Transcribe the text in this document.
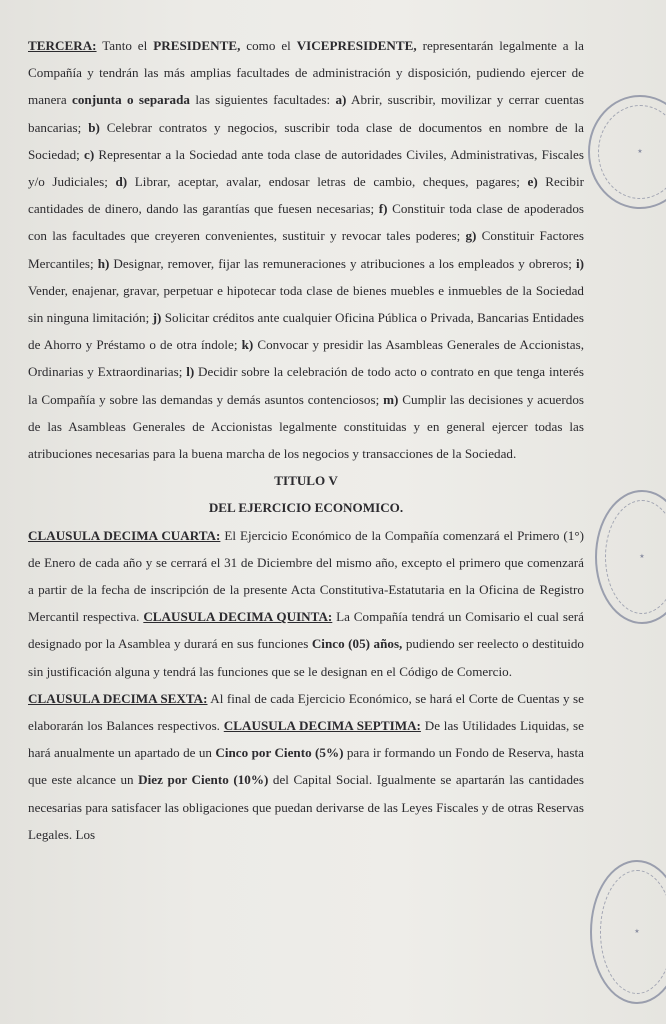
TERCERA: Tanto el PRESIDENTE, como el VICEPRESIDENTE, representarán legalmente a la Compañía y tendrán las más amplias facultades de administración y disposición, pudiendo ejercer de manera conjunta o separada las siguientes facultades: a) Abrir, suscribir, movilizar y cerrar cuentas bancarias; b) Celebrar contratos y negocios, suscribir toda clase de documentos en nombre de la Sociedad; c) Representar a la Sociedad ante toda clase de autoridades Civiles, Administrativas, Fiscales y/o Judiciales; d) Librar, aceptar, avalar, endosar letras de cambio, cheques, pagares; e) Recibir cantidades de dinero, dando las garantías que fuesen necesarias; f) Constituir toda clase de apoderados con las facultades que creyeren convenientes, sustituir y revocar tales poderes; g) Constituir Factores Mercantiles; h) Designar, remover, fijar las remuneraciones y atribuciones a los empleados y obreros; i) Vender, enajenar, gravar, perpetuar e hipotecar toda clase de bienes muebles e inmuebles de la Sociedad sin ninguna limitación; j) Solicitar créditos ante cualquier Oficina Pública o Privada, Bancarias Entidades de Ahorro y Préstamo o de otra índole; k) Convocar y presidir las Asambleas Generales de Accionistas, Ordinarias y Extraordinarias; l) Decidir sobre la celebración de todo acto o contrato en que tenga interés la Compañía y sobre las demandas y demás asuntos contenciosos; m) Cumplir las decisiones y acuerdos de las Asambleas Generales de Accionistas legalmente constituidas y en general ejercer todas las atribuciones necesarias para la buena marcha de los negocios y transacciones de la Sociedad.

TITULO V

DEL EJERCICIO ECONOMICO.

CLAUSULA DECIMA CUARTA: El Ejercicio Económico de la Compañía comenzará el Primero (1°) de Enero de cada año y se cerrará el 31 de Diciembre del mismo año, excepto el primero que comenzará a partir de la fecha de inscripción de la presente Acta Constitutiva-Estatutaria en la Oficina de Registro Mercantil respectiva. CLAUSULA DECIMA QUINTA: La Compañía tendrá un Comisario el cual será designado por la Asamblea y durará en sus funciones Cinco (05) años, pudiendo ser reelecto o destituido sin justificación alguna y tendrá las funciones que se le designan en el Código de Comercio.
CLAUSULA DECIMA SEXTA: Al final de cada Ejercicio Económico, se hará el Corte de Cuentas y se elaborarán los Balances respectivos. CLAUSULA DECIMA SEPTIMA: De las Utilidades Liquidas, se hará anualmente un apartado de un Cinco por Ciento (5%) para ir formando un Fondo de Reserva, hasta que este alcance un Diez por Ciento (10%) del Capital Social. Igualmente se apartarán las cantidades necesarias para satisfacer las obligaciones que puedan derivarse de las Leyes Fiscales y de otras Reservas Legales. Los

★
★
★
